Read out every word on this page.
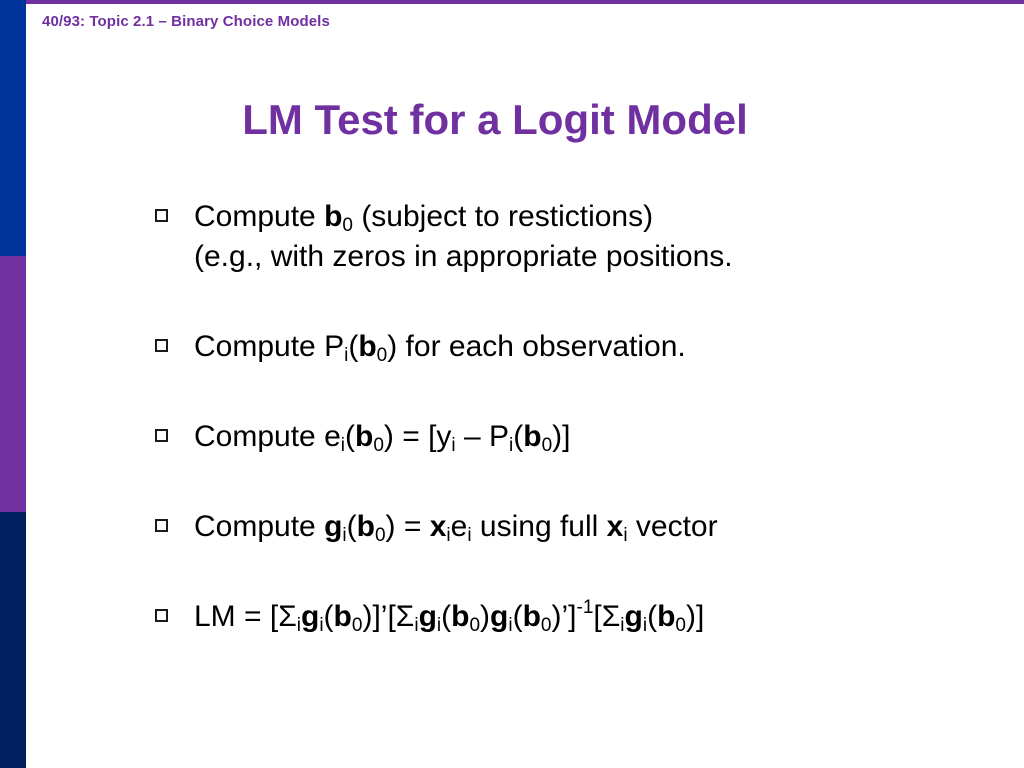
40/93: Topic 2.1 – Binary Choice Models
LM Test for a Logit Model
Compute $b_0$ (subject to restictions)
(e.g., with zeros in appropriate positions.
Compute $P_i(b_0)$ for each observation.
Compute $e_i(b_0) = [y_i - P_i(b_0)]$
Compute $g_i(b_0) = x_ie_i$ using full $x_i$ vector
LM = $[\Sigma_ig_i(b_0)]’[\Sigma_ig_i(b_0)g_i(b_0)’]^{-1}[\Sigma_ig_i(b_0)]$
